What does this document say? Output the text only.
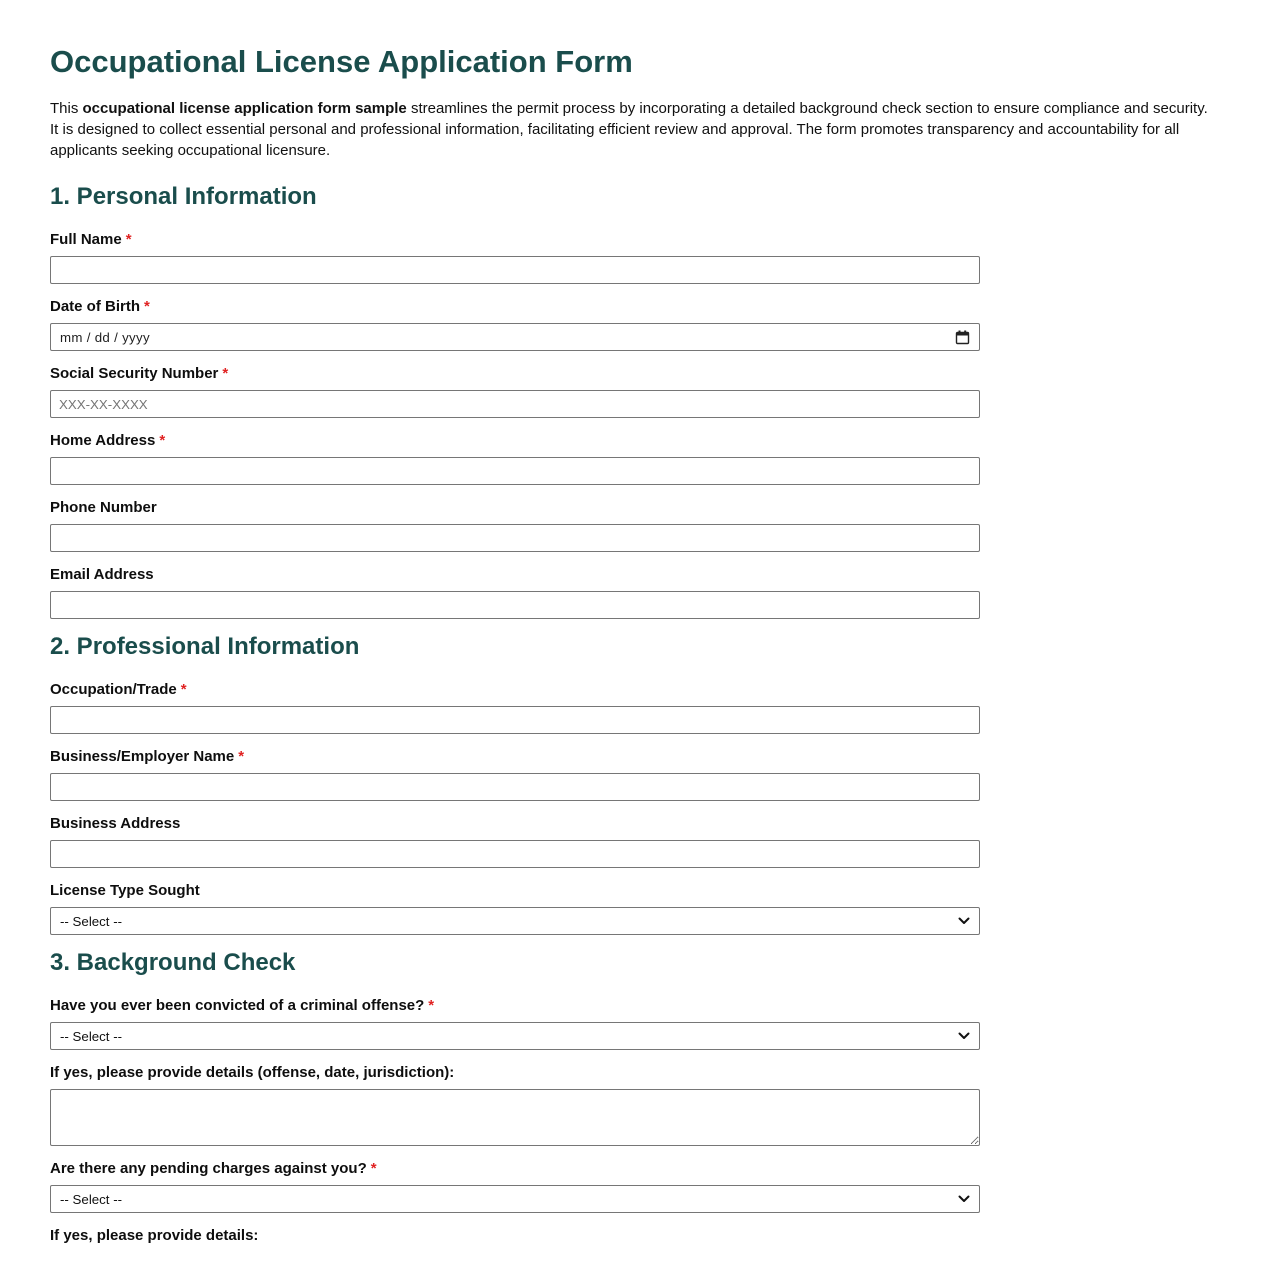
Occupational License Application Form

This occupational license application form sample streamlines the permit process by incorporating a detailed background check section to ensure compliance and security. It is designed to collect essential personal and professional information, facilitating efficient review and approval. The form promotes transparency and accountability for all applicants seeking occupational licensure.

1. Personal Information
Full Name *
Date of Birth *
mm / dd / yyyy
Social Security Number *
XXX-XX-XXXX
Home Address *
Phone Number
Email Address
2. Professional Information
Occupation/Trade *
Business/Employer Name *
Business Address
License Type Sought
-- Select --
3. Background Check
Have you ever been convicted of a criminal offense? *
-- Select --
If yes, please provide details (offense, date, jurisdiction):
Are there any pending charges against you? *
-- Select --
If yes, please provide details:
